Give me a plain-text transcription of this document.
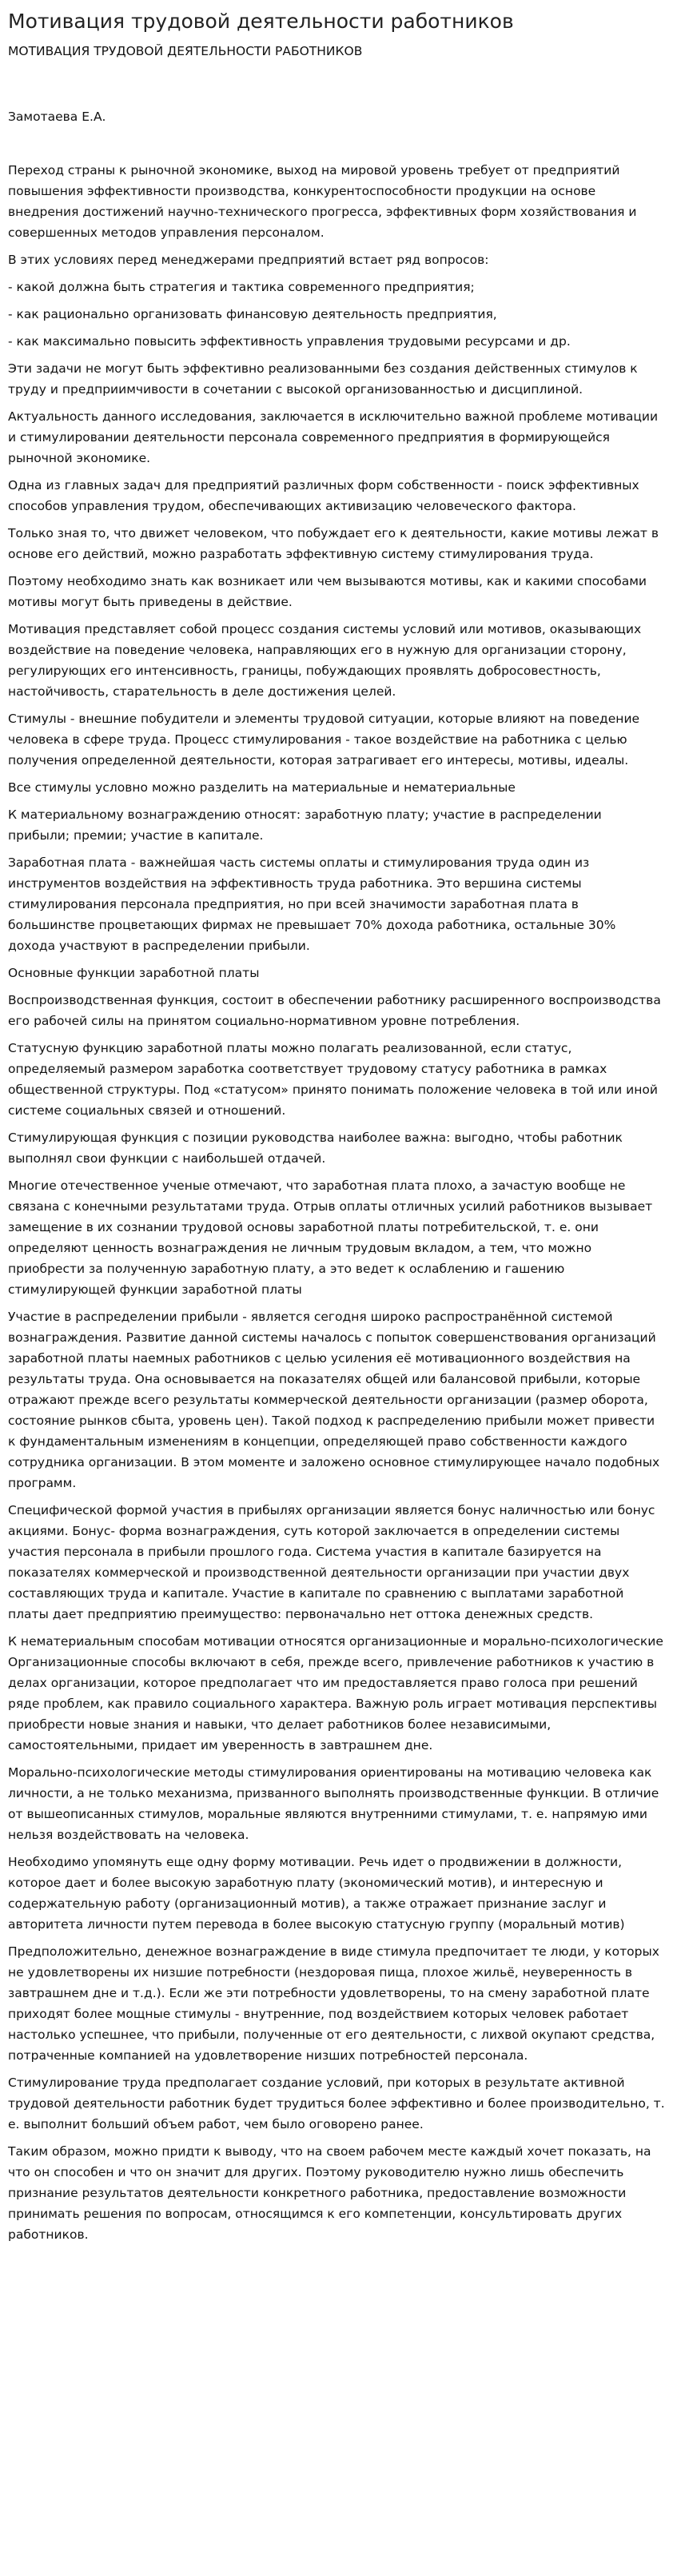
Мотивация трудовой деятельности работников
МОТИВАЦИЯ ТРУДОВОЙ ДЕЯТЕЛЬНОСТИ РАБОТНИКОВ
Замотаева Е.А.

Переход страны к рыночной экономике, выход на мировой уровень требует от предприятий повышения эффективности производства, конкурентоспособности продукции на основе внедрения достижений научно-технического прогресса, эффективных форм хозяйствования и совершенных методов управления персоналом.

В этих условиях перед менеджерами предприятий встает ряд вопросов:

- какой должна быть стратегия и тактика современного предприятия;

- как рационально организовать финансовую деятельность предприятия,

- как максимально повысить эффективность управления трудовыми ресурсами и др.

Эти задачи не могут быть эффективно реализованными без создания действенных стимулов к труду и предприимчивости в сочетании с высокой организованностью и дисциплиной.

Актуальность данного исследования, заключается в исключительно важной проблеме мотивации и стимулировании деятельности персонала современного предприятия в формирующейся рыночной экономике.

Одна из главных задач для предприятий различных форм собственности - поиск эффективных способов управления трудом, обеспечивающих активизацию человеческого фактора.

Только зная то, что движет человеком, что побуждает его к деятельности, какие мотивы лежат в основе его действий, можно разработать эффективную систему стимулирования труда.

Поэтому необходимо знать как возникает или чем вызываются мотивы, как и какими способами мотивы могут быть приведены в действие.

Мотивация представляет собой процесс создания системы условий или мотивов, оказывающих воздействие на поведение человека, направляющих его в нужную для организации сторону, регулирующих его интенсивность, границы, побуждающих проявлять добросовестность, настойчивость, старательность в деле достижения целей.

Стимулы - внешние побудители и элементы трудовой ситуации, которые влияют на поведение человека в сфере труда. Процесс стимулирования - такое воздействие на работника с целью получения определенной деятельности, которая затрагивает его интересы, мотивы, идеалы.

Все стимулы условно можно разделить на материальные и нематериальные

К материальному вознаграждению относят: заработную плату; участие в распределении прибыли; премии; участие в капитале.

Заработная плата - важнейшая часть системы оплаты и стимулирования труда один из инструментов воздействия на эффективность труда работника. Это вершина системы стимулирования персонала предприятия, но при всей значимости заработная плата в большинстве процветающих фирмах не превышает 70% дохода работника, остальные 30% дохода участвуют в распределении прибыли.

Основные функции заработной платы

Воспроизводственная функция, состоит в обеспечении работнику расширенного воспроизводства его рабочей силы на принятом социально-нормативном уровне потребления.

Статусную функцию заработной платы можно полагать реализованной, если статус, определяемый размером заработка соответствует трудовому статусу работника в рамках общественной структуры. Под «статусом» принято понимать положение человека в той или иной системе социальных связей и отношений.

Стимулирующая функция с позиции руководства наиболее важна: выгодно, чтобы работник выполнял свои функции с наибольшей отдачей.

Многие отечественное ученые отмечают, что заработная плата плохо, а зачастую вообще не связана с конечными результатами труда. Отрыв оплаты отличных усилий работников вызывает замещение в их сознании трудовой основы заработной платы потребительской, т. е. они определяют ценность вознаграждения не личным трудовым вкладом, а тем, что можно приобрести за полученную заработную плату, а это ведет к ослаблению и гашению стимулирующей функции заработной платы

Участие в распределении прибыли - является сегодня широко распространённой системой вознаграждения. Развитие данной системы началось с попыток совершенствования организаций заработной платы наемных работников с целью усиления её мотивационного воздействия на результаты труда. Она основывается на показателях общей или балансовой прибыли, которые отражают прежде всего результаты коммерческой деятельности организации (размер оборота, состояние рынков сбыта, уровень цен). Такой подход к распределению прибыли может привести к фундаментальным изменениям в концепции, определяющей право собственности каждого сотрудника организации. В этом моменте и заложено основное стимулирующее начало подобных программ.

Специфической формой участия в прибылях организации является бонус наличностью или бонус акциями. Бонус- форма вознаграждения, суть которой заключается в определении системы участия персонала в прибыли прошлого года. Система участия в капитале базируется на показателях коммерческой и производственной деятельности организации при участии двух составляющих труда и капитале. Участие в капитале по сравнению с выплатами заработной платы дает предприятию преимущество: первоначально нет оттока денежных средств.

К нематериальным способам мотивации относятся организационные и морально-психологические Организационные способы включают в себя, прежде всего, привлечение работников к участию в делах организации, которое предполагает что им предоставляется право голоса при решений ряде проблем, как правило социального характера. Важную роль играет мотивация перспективы приобрести новые знания и навыки, что делает работников более независимыми, самостоятельными, придает им уверенность в завтрашнем дне.

Морально-психологические методы стимулирования ориентированы на мотивацию человека как личности, а не только механизма, призванного выполнять производственные функции. В отличие от вышеописанных стимулов, моральные являются внутренними стимулами, т. е. напрямую ими нельзя воздействовать на человека.

Необходимо упомянуть еще одну форму мотивации. Речь идет о продвижении в должности, которое дает и более высокую заработную плату (экономический мотив), и интересную и содержательную работу (организационный мотив), а также отражает признание заслуг и авторитета личности путем перевода в более высокую статусную группу (моральный мотив)

Предположительно, денежное вознаграждение в виде стимула предпочитает те люди, у которых не удовлетворены их низшие потребности (нездоровая пища, плохое жильё, неуверенность в завтрашнем дне и т.д.). Если же эти потребности удовлетворены, то на смену заработной плате приходят более мощные стимулы - внутренние, под воздействием которых человек работает настолько успешнее, что прибыли, полученные от его деятельности, с лихвой окупают средства, потраченные компанией на удовлетворение низших потребностей персонала.

Стимулирование труда предполагает создание условий, при которых в результате активной трудовой деятельности работник будет трудиться более эффективно и более производительно, т. е. выполнит больший объем работ, чем было оговорено ранее.

Таким образом, можно придти к выводу, что на своем рабочем месте каждый хочет показать, на что он способен и что он значит для других. Поэтому руководителю нужно лишь обеспечить признание результатов деятельности конкретного работника, предоставление возможности принимать решения по вопросам, относящимся к его компетенции, консультировать других работников.
